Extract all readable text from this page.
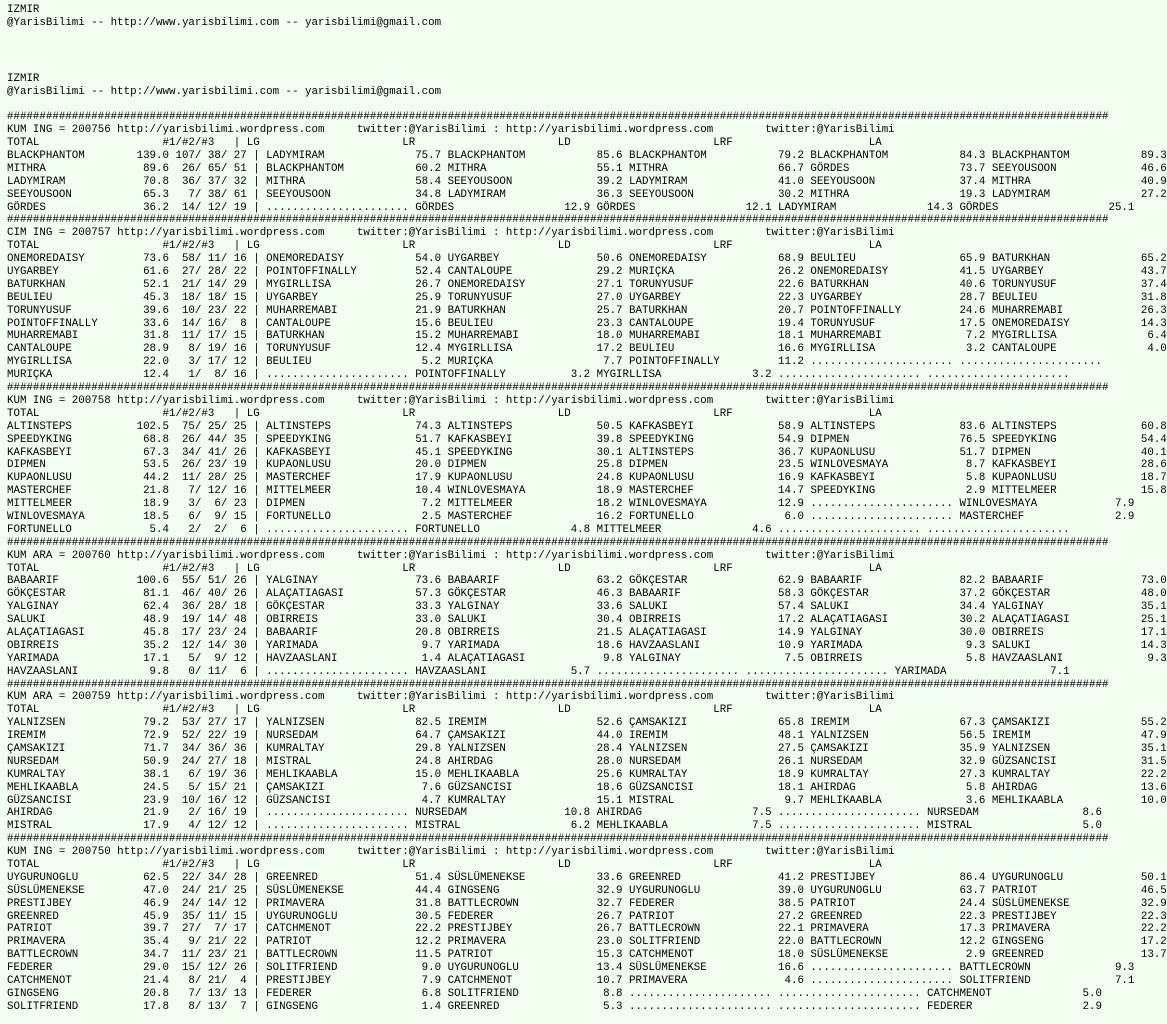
IZMIR
@YarisBilimi -- http://www.yarisbilimi.com -- yarisbilimi@gmail.com
IZMIR
@YarisBilimi -- http://www.yarisbilimi.com -- yarisbilimi@gmail.com
##########################################################################################################################################################################
KUM ING = 200756 http://yarisbilimi.wordpress.com     twitter:@YarisBilimi : http://yarisbilimi.wordpress.com        twitter:@YarisBilimi
TOTAL                   #1/#2/#3   | LG                      LR                      LD                      LRF                     LA
BLACKPHANTOM        139.0 107/ 38/ 27 | LADYMIRAM              75.7 BLACKPHANTOM           85.6 BLACKPHANTOM           79.2 BLACKPHANTOM           84.3 BLACKPHANTOM           89.3
MITHRA               89.6  26/ 65/ 51 | BLACKPHANTOM           60.2 MITHRA                 55.1 MITHRA                 66.7 GÖRDES                 73.7 SEEYOUSOON             46.6
LADYMIRAM            70.8  36/ 37/ 32 | MITHRA                 58.4 SEEYOUSOON             39.2 LADYMIRAM              41.0 SEEYOUSOON             37.4 MITHRA                 40.9
SEEYOUSOON           65.3   7/ 38/ 61 | SEEYOUSOON             34.8 LADYMIRAM              36.3 SEEYOUSOON             30.2 MITHRA                 19.3 LADYMIRAM              27.2
GÖRDES               36.2  14/ 12/ 19 | ...................... GÖRDES                 12.9 GÖRDES                 12.1 LADYMIRAM              14.3 GÖRDES                 25.1
##########################################################################################################################################################################
CIM ING = 200757 http://yarisbilimi.wordpress.com     twitter:@YarisBilimi : http://yarisbilimi.wordpress.com        twitter:@YarisBilimi
TOTAL                   #1/#2/#3   | LG                      LR                      LD                      LRF                     LA
ONEMOREDAISY         73.6  58/ 11/ 16 | ONEMOREDAISY           54.0 UYGARBEY               50.6 ONEMOREDAISY           68.9 BEULIEU                65.9 BATURKHAN              65.2
UYGARBEY             61.6  27/ 28/ 22 | POINTOFFINALLY         52.4 CANTALOUPE             29.2 MURIÇKA                26.2 ONEMOREDAISY           41.5 UYGARBEY               43.7
BATURKHAN            52.1  21/ 14/ 29 | MYGIRLLISA             26.7 ONEMOREDAISY           27.1 TORUNYUSUF             22.6 BATURKHAN              40.6 TORUNYUSUF             37.4
BEULIEU              45.3  18/ 18/ 15 | UYGARBEY               25.9 TORUNYUSUF             27.0 UYGARBEY               22.3 UYGARBEY               28.7 BEULIEU                31.8
TORUNYUSUF           39.6  10/ 23/ 22 | MUHARREMABI            21.9 BATURKHAN              25.7 BATURKHAN              20.7 POINTOFFINALLY         24.6 MUHARREMABI            26.3
POINTOFFINALLY       33.6  14/ 16/  8 | CANTALOUPE             15.6 BEULIEU                23.3 CANTALOUPE             19.4 TORUNYUSUF             17.5 ONEMOREDAISY           14.3
MUHARREMABI          31.8  11/ 17/ 15 | BATURKHAN              15.2 MUHARREMABI            18.0 MUHARREMABI            18.1 MUHARREMABI             7.2 MYGIRLLISA              6.4
CANTALOUPE           28.9   8/ 19/ 16 | TORUNYUSUF             12.4 MYGIRLLISA             17.2 BEULIEU                16.6 MYGIRLLISA              3.2 CANTALOUPE              4.0
MYGIRLLISA           22.0   3/ 17/ 12 | BEULIEU                 5.2 MURIÇKA                 7.7 POINTOFFINALLY         11.2 ...................... ......................
MURIÇKA              12.4   1/  8/ 16 | ...................... POINTOFFINALLY          3.2 MYGIRLLISA              3.2 ...................... ......................
##########################################################################################################################################################################
KUM ING = 200758 http://yarisbilimi.wordpress.com     twitter:@YarisBilimi : http://yarisbilimi.wordpress.com        twitter:@YarisBilimi
TOTAL                   #1/#2/#3   | LG                      LR                      LD                      LRF                     LA
ALTINSTEPS          102.5  75/ 25/ 25 | ALTINSTEPS             74.3 ALTINSTEPS             50.5 KAFKASBEYI             58.9 ALTINSTEPS             83.6 ALTINSTEPS             60.8
SPEEDYKING           68.8  26/ 44/ 35 | SPEEDYKING             51.7 KAFKASBEYI             39.8 SPEEDYKING             54.9 DIPMEN                 76.5 SPEEDYKING             54.4
KAFKASBEYI           67.3  34/ 41/ 26 | KAFKASBEYI             45.1 SPEEDYKING             30.1 ALTINSTEPS             36.7 KUPAONLUSU             51.7 DIPMEN                 40.1
DIPMEN               53.5  26/ 23/ 19 | KUPAONLUSU             20.0 DIPMEN                 25.8 DIPMEN                 23.5 WINLOVESMAYA            8.7 KAFKASBEYI             28.6
KUPAONLUSU           44.2  11/ 28/ 25 | MASTERCHEF             17.9 KUPAONLUSU             24.8 KUPAONLUSU             16.9 KAFKASBEYI              5.8 KUPAONLUSU             18.7
MASTERCHEF           21.8   7/ 12/ 16 | MITTELMEER             10.4 WINLOVESMAYA           18.9 MASTERCHEF             14.7 SPEEDYKING              2.9 MITTELMEER             15.8
MITTELMEER           18.9   3/  6/ 23 | DIPMEN                  7.2 MITTELMEER             18.2 WINLOVESMAYA           12.9 ...................... WINLOVESMAYA            7.9
WINLOVESMAYA         18.5   6/  9/ 15 | FORTUNELLO              2.5 MASTERCHEF             16.2 FORTUNELLO              6.0 ...................... MASTERCHEF              2.9
FORTUNELLO            5.4   2/  2/  6 | ...................... FORTUNELLO              4.8 MITTELMEER              4.6 ...................... ......................
##########################################################################################################################################################################
KUM ARA = 200760 http://yarisbilimi.wordpress.com     twitter:@YarisBilimi : http://yarisbilimi.wordpress.com        twitter:@YarisBilimi
TOTAL                   #1/#2/#3   | LG                      LR                      LD                      LRF                     LA
BABAARIF            100.6  55/ 51/ 26 | YALGINAY               73.6 BABAARIF               63.2 GÖKÇESTAR              62.9 BABAARIF               82.2 BABAARIF               73.0
GÖKÇESTAR            81.1  46/ 40/ 26 | ALAÇATIAGASI           57.3 GÖKÇESTAR              46.3 BABAARIF               58.3 GÖKÇESTAR              37.2 GÖKÇESTAR              48.0
YALGINAY             62.4  36/ 28/ 18 | GÖKÇESTAR              33.3 YALGINAY               33.6 SALUKI                 57.4 SALUKI                 34.4 YALGINAY               35.1
SALUKI               48.9  19/ 14/ 48 | OBIRREIS               33.0 SALUKI                 30.4 OBIRREIS               17.2 ALAÇATIAGASI           30.2 ALAÇATIAGASI           25.1
ALAÇATIAGASI         45.8  17/ 23/ 24 | BABAARIF               20.8 OBIRREIS               21.5 ALAÇATIAGASI           14.9 YALGINAY               30.0 OBIRREIS               17.1
OBIRREIS             35.2  12/ 14/ 30 | YARIMADA                9.7 YARIMADA               18.6 HAVZAASLANI            10.9 YARIMADA                9.3 SALUKI                 14.3
YARIMADA             17.1   5/  9/ 12 | HAVZAASLANI             1.4 ALAÇATIAGASI            9.8 YALGINAY                7.5 OBIRREIS                5.8 HAVZAASLANI             9.3
HAVZAASLANI           9.8   0/ 11/  6 | ...................... HAVZAASLANI             5.7 ...................... ...................... YARIMADA                7.1
##########################################################################################################################################################################
KUM ARA = 200759 http://yarisbilimi.wordpress.com     twitter:@YarisBilimi : http://yarisbilimi.wordpress.com        twitter:@YarisBilimi
TOTAL                   #1/#2/#3   | LG                      LR                      LD                      LRF                     LA
YALNIZSEN            79.2  53/ 27/ 17 | YALNIZSEN              82.5 IREMIM                 52.6 ÇAMSAKIZI              65.8 IREMIM                 67.3 ÇAMSAKIZI              55.2
IREMIM               72.9  52/ 22/ 19 | NURSEDAM               64.7 ÇAMSAKIZI              44.0 IREMIM                 48.1 YALNIZSEN              56.5 IREMIM                 47.9
ÇAMSAKIZI            71.7  34/ 36/ 36 | KUMRALTAY              29.8 YALNIZSEN              28.4 YALNIZSEN              27.5 ÇAMSAKIZI              35.9 YALNIZSEN              35.1
NURSEDAM             50.9  24/ 27/ 18 | MISTRAL                24.8 AHIRDAG                28.0 NURSEDAM               26.1 NURSEDAM               32.9 GÜZSANCISI             31.5
KUMRALTAY            38.1   6/ 19/ 36 | MEHLIKAABLA            15.0 MEHLIKAABLA            25.6 KUMRALTAY              18.9 KUMRALTAY              27.3 KUMRALTAY              22.2
MEHLIKAABLA          24.5   5/ 15/ 21 | ÇAMSAKIZI               7.6 GÜZSANCISI             18.6 GÜZSANCISI             18.1 AHIRDAG                 5.8 AHIRDAG                13.6
GÜZSANCISI           23.9  10/ 16/ 12 | GÜZSANCISI              4.7 KUMRALTAY              15.1 MISTRAL                 9.7 MEHLIKAABLA             3.6 MEHLIKAABLA            10.0
AHIRDAG              21.9   2/ 16/ 19 | ...................... NURSEDAM               10.8 AHIRDAG                 7.5 ...................... NURSEDAM                8.6
MISTRAL              17.9   4/ 12/ 12 | ...................... MISTRAL                 6.2 MEHLIKAABLA             7.5 ...................... MISTRAL                 5.0
##########################################################################################################################################################################
KUM ING = 200750 http://yarisbilimi.wordpress.com     twitter:@YarisBilimi : http://yarisbilimi.wordpress.com        twitter:@YarisBilimi
TOTAL                   #1/#2/#3   | LG                      LR                      LD                      LRF                     LA
UYGURUNOGLU          62.5  22/ 34/ 28 | GREENRED               51.4 SÜSLÜMENEKSE           33.6 GREENRED               41.2 PRESTIJBEY             86.4 UYGURUNOGLU            50.1
SÜSLÜMENEKSE         47.0  24/ 21/ 25 | SÜSLÜMENEKSE           44.4 GINGSENG               32.9 UYGURUNOGLU            39.0 UYGURUNOGLU            63.7 PATRIOT                46.5
PRESTIJBEY           46.9  24/ 14/ 12 | PRIMAVERA              31.8 BATTLECROWN            32.7 FEDERER                38.5 PATRIOT                24.4 SÜSLÜMENEKSE           32.9
GREENRED             45.9  35/ 11/ 15 | UYGURUNOGLU            30.5 FEDERER                26.7 PATRIOT                27.2 GREENRED               22.3 PRESTIJBEY             22.3
PATRIOT              39.7  27/  7/ 17 | CATCHMENOT             22.2 PRESTIJBEY             26.7 BATTLECROWN            22.1 PRIMAVERA              17.3 PRIMAVERA              22.2
PRIMAVERA            35.4   9/ 21/ 22 | PATRIOT                12.2 PRIMAVERA              23.0 SOLITFRIEND            22.0 BATTLECROWN            12.2 GINGSENG               17.2
BATTLECROWN          34.7  11/ 23/ 21 | BATTLECROWN            11.5 PATRIOT                15.3 CATCHMENOT             18.0 SÜSLÜMENEKSE            2.9 GREENRED               13.7
FEDERER              29.0  15/ 12/ 26 | SOLITFRIEND             9.0 UYGURUNOGLU            13.4 SÜSLÜMENEKSE           16.6 ...................... BATTLECROWN             9.3
CATCHMENOT           21.4   8/ 21/  4 | PRESTIJBEY              7.9 CATCHMENOT             10.7 PRIMAVERA               4.6 ...................... SOLITFRIEND             7.1
GINGSENG             20.8   7/ 13/ 13 | FEDERER                 6.8 SOLITFRIEND             8.8 ...................... ...................... CATCHMENOT              5.0
SOLITFRIEND          17.8   8/ 13/  7 | GINGSENG                1.4 GREENRED                5.3 ...................... ...................... FEDERER                 2.9
